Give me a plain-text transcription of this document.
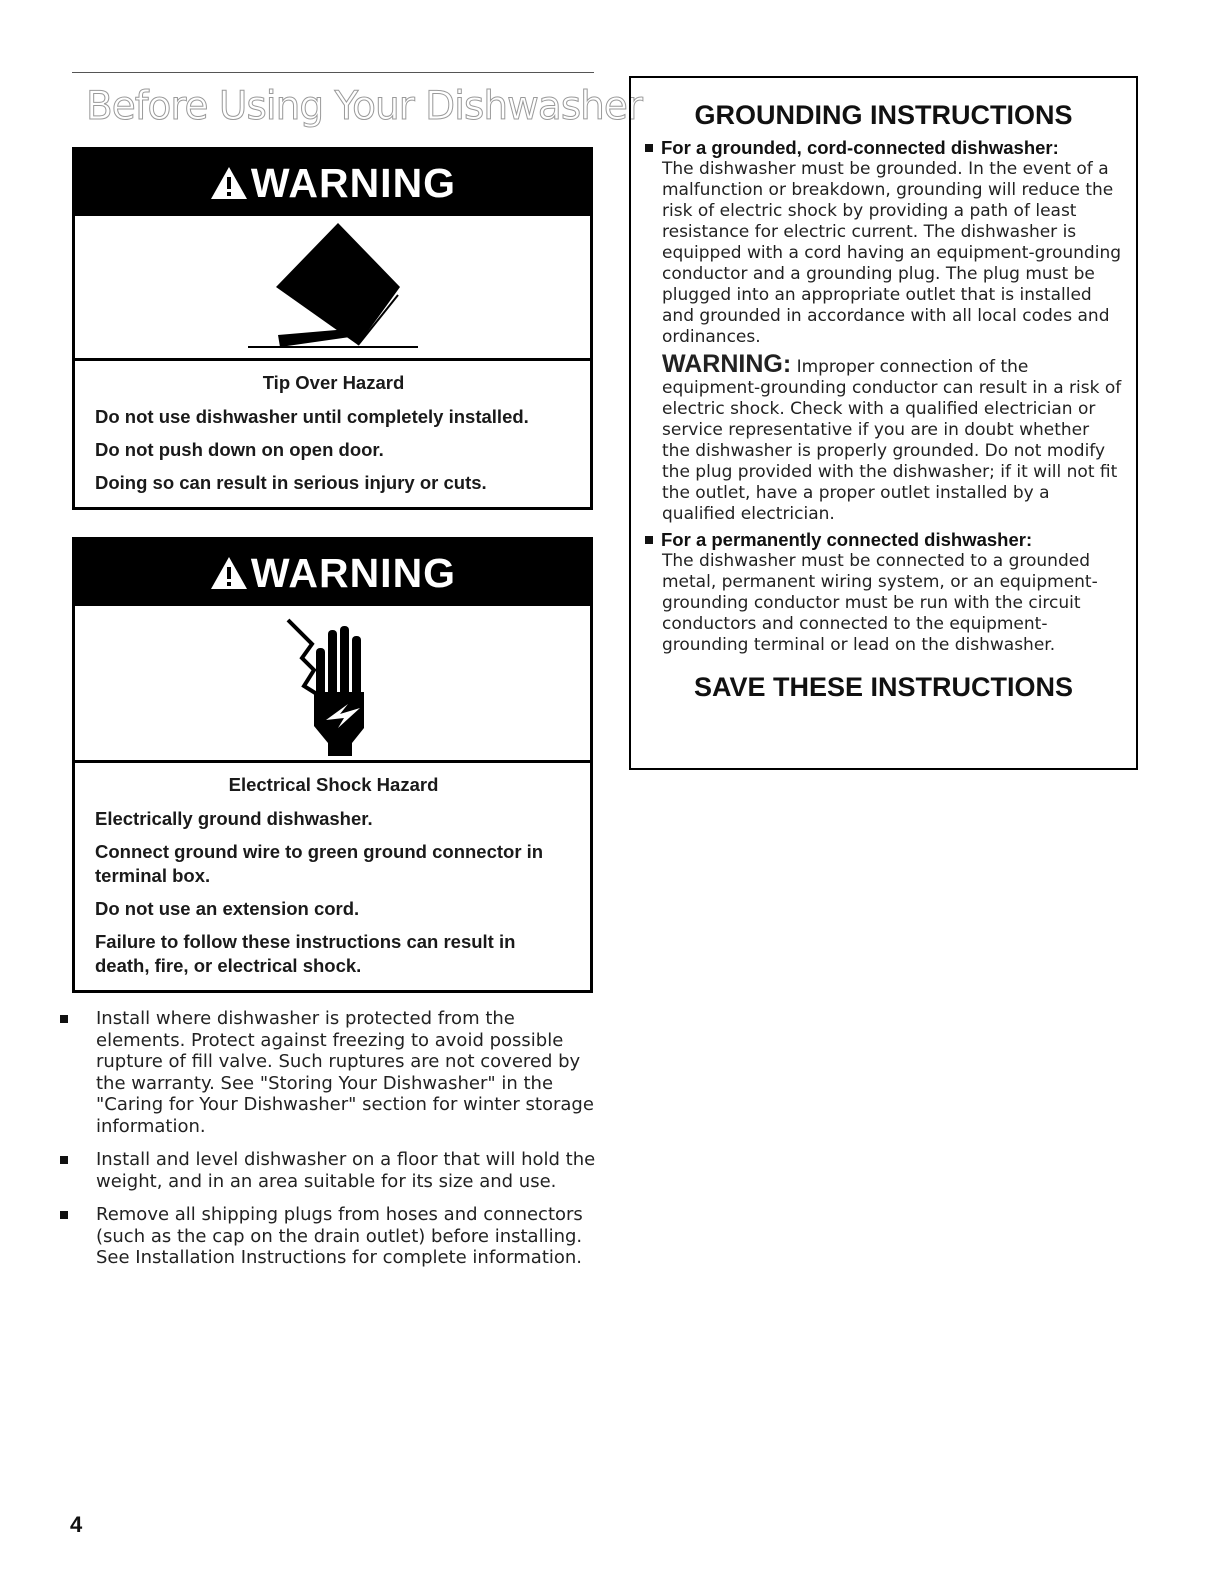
Before Using Your Dishwasher
WARNING
Tip Over Hazard

Do not use dishwasher until completely installed.

Do not push down on open door.

Doing so can result in serious injury or cuts.

WARNING
Electrical Shock Hazard

Electrically ground dishwasher.

Connect ground wire to green ground connector in terminal box.

Do not use an extension cord.

Failure to follow these instructions can result in death, fire, or electrical shock.

Install where dishwasher is protected from the elements. Protect against freezing to avoid possible rupture of fill valve. Such ruptures are not covered by the warranty. See "Storing Your Dishwasher" in the "Caring for Your Dishwasher" section for winter storage information.
Install and level dishwasher on a floor that will hold the weight, and in an area suitable for its size and use.
Remove all shipping plugs from hoses and connectors (such as the cap on the drain outlet) before installing. See Installation Instructions for complete information.
GROUNDING INSTRUCTIONS
For a grounded, cord-connected dishwasher:
The dishwasher must be grounded. In the event of a malfunction or breakdown, grounding will reduce the risk of electric shock by providing a path of least resistance for electric current. The dishwasher is equipped with a cord having an equipment-grounding conductor and a grounding plug. The plug must be plugged into an appropriate outlet that is installed and grounded in accordance with all local codes and ordinances.
WARNING: Improper connection of the equipment-grounding conductor can result in a risk of electric shock. Check with a qualified electrician or service representative if you are in doubt whether the dishwasher is properly grounded. Do not modify the plug provided with the dishwasher; if it will not fit the outlet, have a proper outlet installed by a qualified electrician.
For a permanently connected dishwasher:
The dishwasher must be connected to a grounded metal, permanent wiring system, or an equipment-grounding conductor must be run with the circuit conductors and connected to the equipment-grounding terminal or lead on the dishwasher.
SAVE THESE INSTRUCTIONS
4
